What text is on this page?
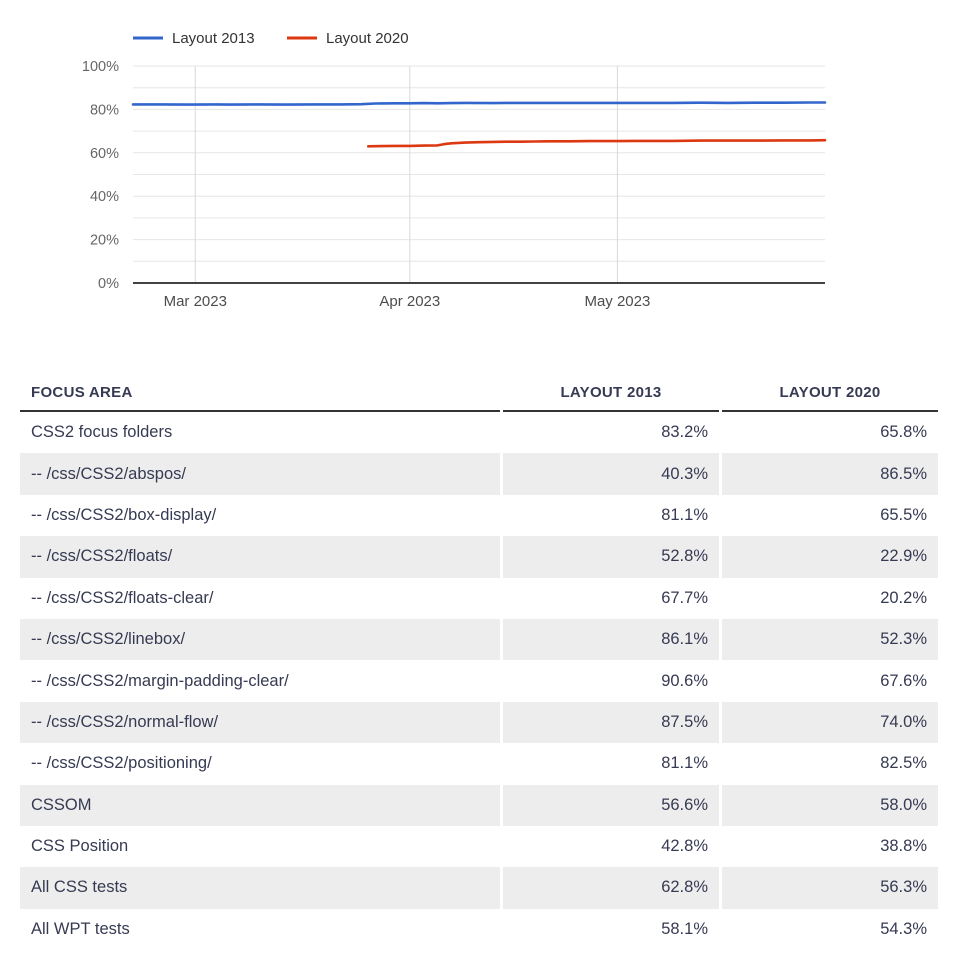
0%
20%
40%
60%
80%
100%
Mar 2023	Apr 2023	May 2023
Layout 2013	Layout 2020
FOCUS AREA	LAYOUT 2013	LAYOUT 2020
CSS2 focus folders	83.2%	65.8%
-- /css/CSS2/abspos/	40.3%	86.5%
-- /css/CSS2/box-display/	81.1%	65.5%
-- /css/CSS2/floats/	52.8%	22.9%
-- /css/CSS2/floats-clear/	67.7%	20.2%
-- /css/CSS2/linebox/	86.1%	52.3%
-- /css/CSS2/margin-padding-clear/	90.6%	67.6%
-- /css/CSS2/normal-flow/	87.5%	74.0%
-- /css/CSS2/positioning/	81.1%	82.5%
CSSOM	56.6%	58.0%
CSS Position	42.8%	38.8%
All CSS tests	62.8%	56.3%
All WPT tests	58.1%	54.3%
